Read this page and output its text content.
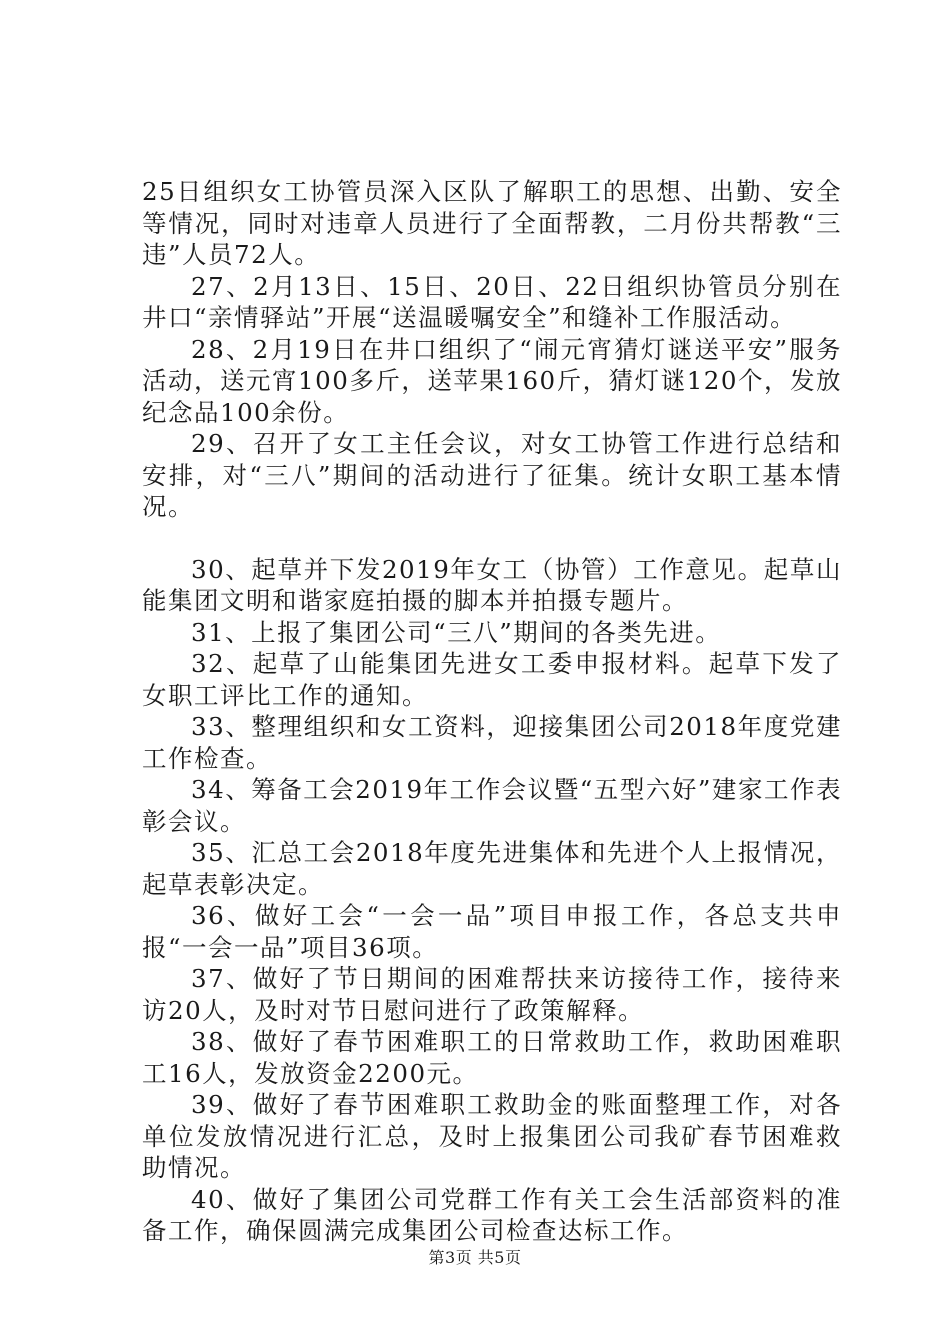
25日组织女工协管员深入区队了解职工的思想、出勤、安全等情况，同时对违章人员进行了全面帮教，二月份共帮教“三违”人员72人。

27、2月13日、15日、20日、22日组织协管员分别在井口“亲情驿站”开展“送温暖嘱安全”和缝补工作服活动。

28、2月19日在井口组织了“闹元宵猜灯谜送平安”服务活动，送元宵100多斤，送苹果160斤，猜灯谜120个，发放纪念品100余份。

29、召开了女工主任会议，对女工协管工作进行总结和安排，对“三八”期间的活动进行了征集。统计女职工基本情况。

30、起草并下发2019年女工（协管）工作意见。起草山能集团文明和谐家庭拍摄的脚本并拍摄专题片。

31、上报了集团公司“三八”期间的各类先进。

32、起草了山能集团先进女工委申报材料。起草下发了女职工评比工作的通知。

33、整理组织和女工资料，迎接集团公司2018年度党建工作检查。

34、筹备工会2019年工作会议暨“五型六好”建家工作表彰会议。

35、汇总工会2018年度先进集体和先进个人上报情况，起草表彰决定。

36、做好工会“一会一品”项目申报工作，各总支共申报“一会一品”项目36项。

37、做好了节日期间的困难帮扶来访接待工作，接待来访20人，及时对节日慰问进行了政策解释。

38、做好了春节困难职工的日常救助工作，救助困难职工16人，发放资金2200元。

39、做好了春节困难职工救助金的账面整理工作，对各单位发放情况进行汇总，及时上报集团公司我矿春节困难救助情况。

40、做好了集团公司党群工作有关工会生活部资料的准备工作，确保圆满完成集团公司检查达标工作。

第3页 共5页
